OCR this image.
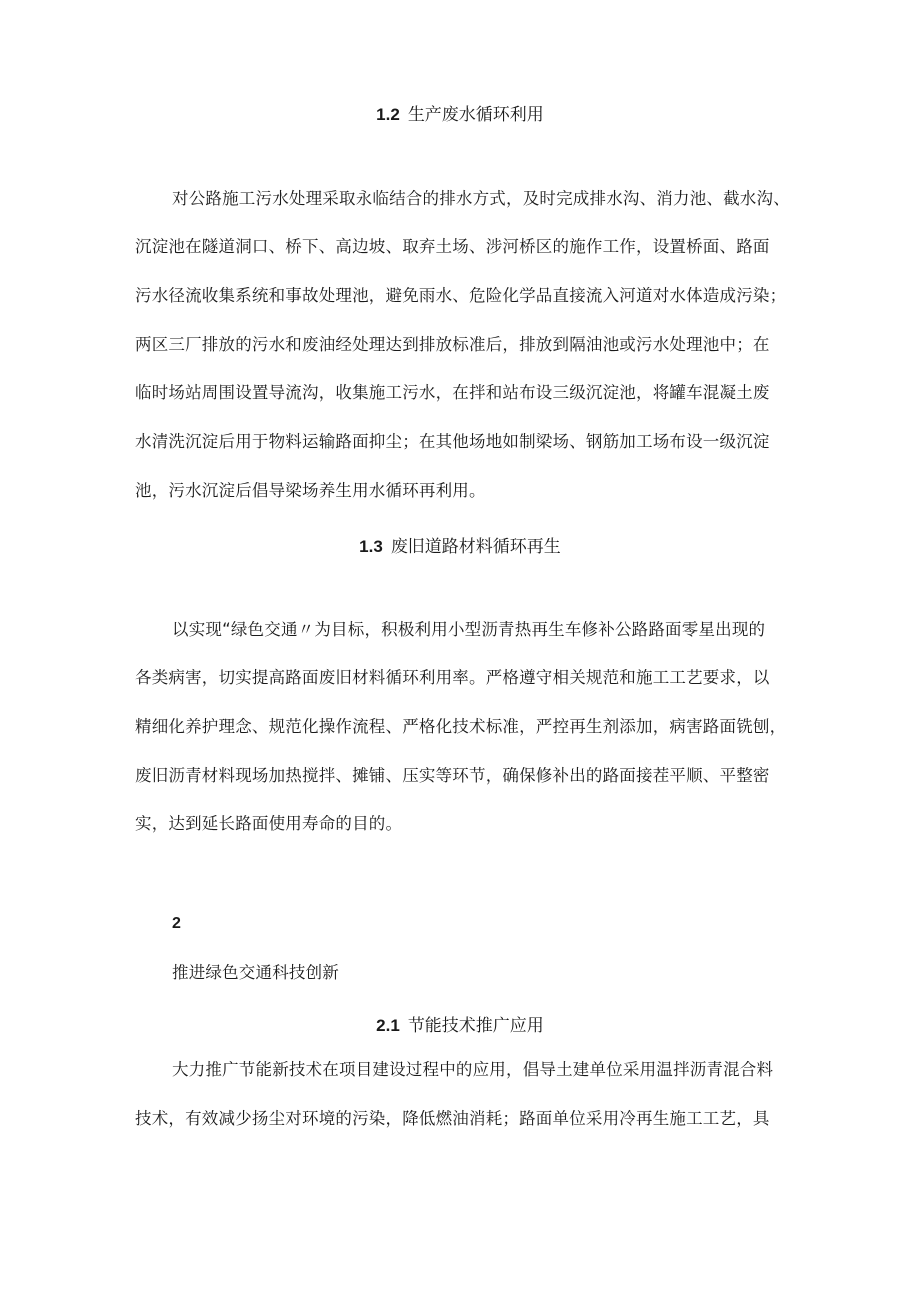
1.2 生产废水循环利用
对公路施工污水处理采取永临结合的排水方式，及时完成排水沟、消力池、截水沟、
沉淀池在隧道洞口、桥下、高边坡、取弃土场、涉河桥区的施作工作，设置桥面、路面
污水径流收集系统和事故处理池，避免雨水、危险化学品直接流入河道对水体造成污染；
两区三厂排放的污水和废油经处理达到排放标准后，排放到隔油池或污水处理池中；在
临时场站周围设置导流沟，收集施工污水，在拌和站布设三级沉淀池，将罐车混凝土废
水清洗沉淀后用于物料运输路面抑尘；在其他场地如制梁场、钢筋加工场布设一级沉淀
池，污水沉淀后倡导梁场养生用水循环再利用。
1.3 废旧道路材料循环再生
以实现“绿色交通〃为目标，积极利用小型沥青热再生车修补公路路面零星出现的
各类病害，切实提高路面废旧材料循环利用率。严格遵守相关规范和施工工艺要求，以
精细化养护理念、规范化操作流程、严格化技术标准，严控再生剂添加，病害路面铣刨，
废旧沥青材料现场加热搅拌、摊铺、压实等环节，确保修补出的路面接茬平顺、平整密
实，达到延长路面使用寿命的目的。
2
推进绿色交通科技创新
2.1 节能技术推广应用
大力推广节能新技术在项目建设过程中的应用，倡导土建单位采用温拌沥青混合料
技术，有效减少扬尘对环境的污染，降低燃油消耗；路面单位采用冷再生施工工艺，具
